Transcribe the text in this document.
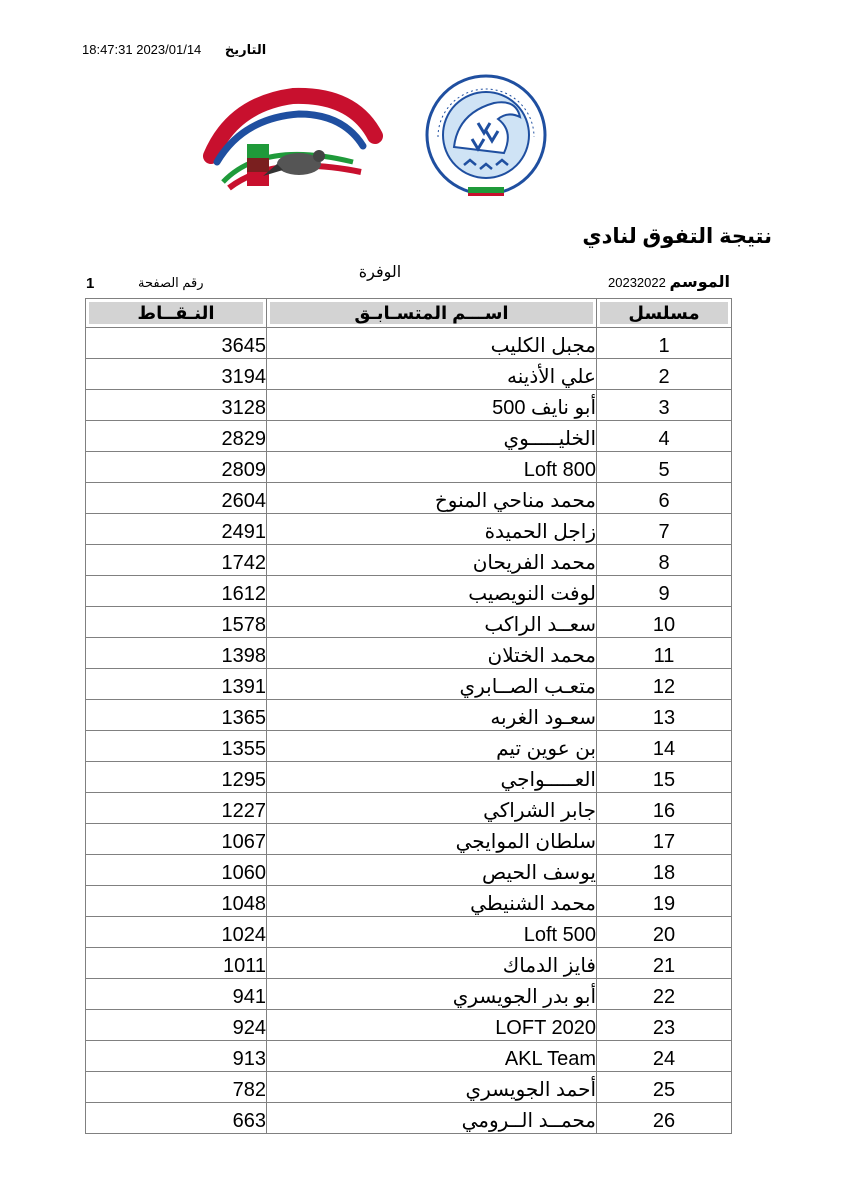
18:47:31 2023/01/14 التاريخ
نتيجة التفوق لنادي
الوفرة
الموسم 20232022
1	رقم الصفحة
النـقــاط	اســـم المتسـابـق	مسلسل
3645	مجبل الكليب	1
3194	علي الأذينه	2
3128	أبو نايف 500	3
2829	الخليـــــوي	4
2809	Loft 800	5
2604	محمد مناحي المنوخ	6
2491	زاجل الحميدة	7
1742	محمد الفريحان	8
1612	لوفت النويصيب	9
1578	سعــد الراكب	10
1398	محمد الختلان	11
1391	متعـب الصــابري	12
1365	سعـود الغربه	13
1355	بن عوين تيم	14
1295	العـــــواجي	15
1227	جابر الشراكي	16
1067	سلطان الموايجي	17
1060	يوسف الحيص	18
1048	محمد الشنيطي	19
1024	Loft 500	20
1011	فايز الدماك	21
941	أبو بدر الجويسري	22
924	LOFT 2020	23
913	AKL Team	24
782	أحمد الجويسري	25
663	محمــد الــرومي	26
